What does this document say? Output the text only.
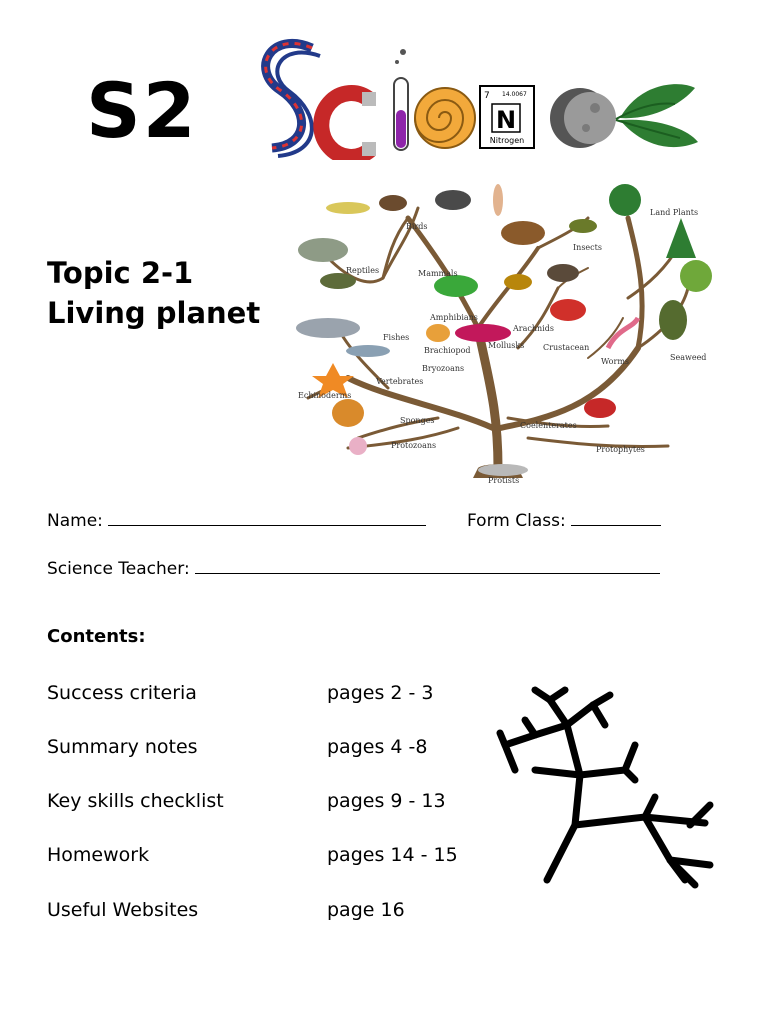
S2	7 14.0067
N
Nitrogen
Topic 2-1
Living planet
Birds
Land Plants
Insects
Reptiles	Mammals
Amphibians
Arachnids
Fishes
Mollusks
Brachiopod	Crustacean
Worms	Seaweed
Bryozoans
Vertebrates
Echinoderms
Sponges
Coelenterates
Protozoans	Protophytes
Protists
Name:	Form Class:
Science Teacher:
Contents:
Success criteria	pages 2 - 3
Summary notes	pages 4 -8
Key skills checklist	pages 9 - 13
Homework	pages 14 - 15
Useful Websites	page 16
